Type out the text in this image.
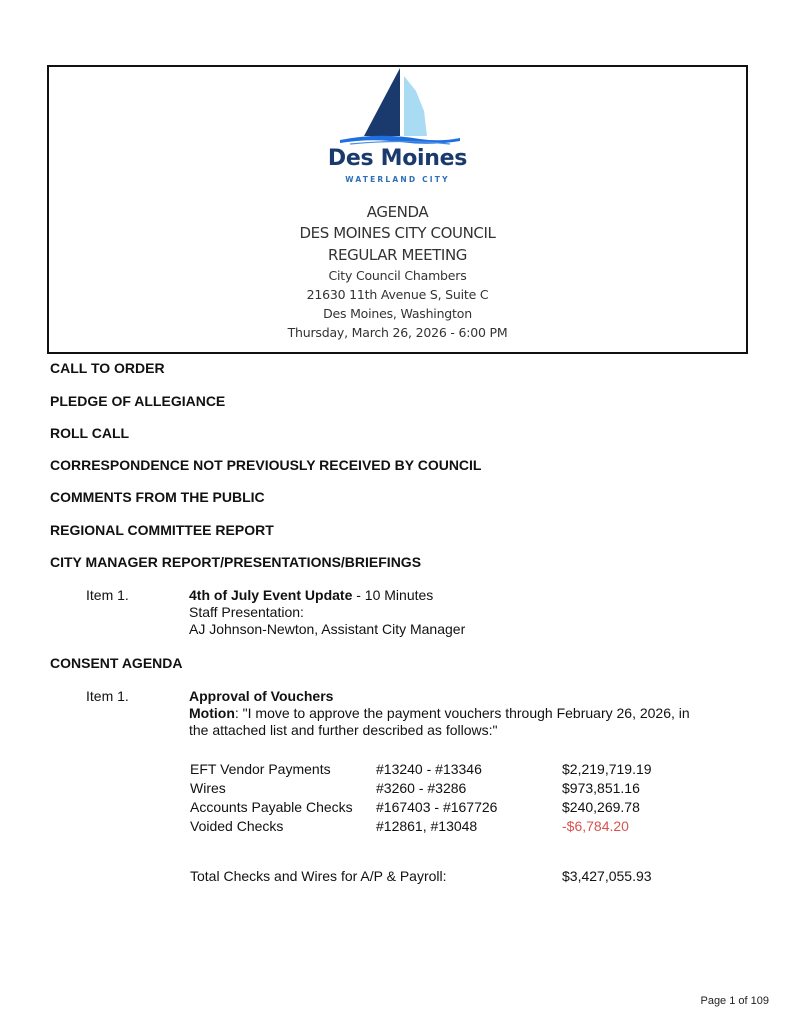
Des Moines
WATERLAND CITY
AGENDA
DES MOINES CITY COUNCIL
REGULAR MEETING
City Council Chambers
21630 11th Avenue S, Suite C
Des Moines, Washington
Thursday, March 26, 2026 - 6:00 PM
CALL TO ORDER
PLEDGE OF ALLEGIANCE
ROLL CALL
CORRESPONDENCE NOT PREVIOUSLY RECEIVED BY COUNCIL
COMMENTS FROM THE PUBLIC
REGIONAL COMMITTEE REPORT
CITY MANAGER REPORT/PRESENTATIONS/BRIEFINGS
Item 1.	4th of July Event Update - 10 Minutes
Staff Presentation:
AJ Johnson-Newton, Assistant City Manager
CONSENT AGENDA
Item 1.	Approval of Vouchers
Motion: "I move to approve the payment vouchers through February 26, 2026, in
the attached list and further described as follows:"
EFT Vendor Payments	#13240 - #13346	$2,219,719.19
Wires	#3260 - #3286	$973,851.16
Accounts Payable Checks #167403 - #167726	$240,269.78
Voided Checks	#12861, #13048	-$6,784.20
Total Checks and Wires for A/P & Payroll:	$3,427,055.93
Page 1 of 109
